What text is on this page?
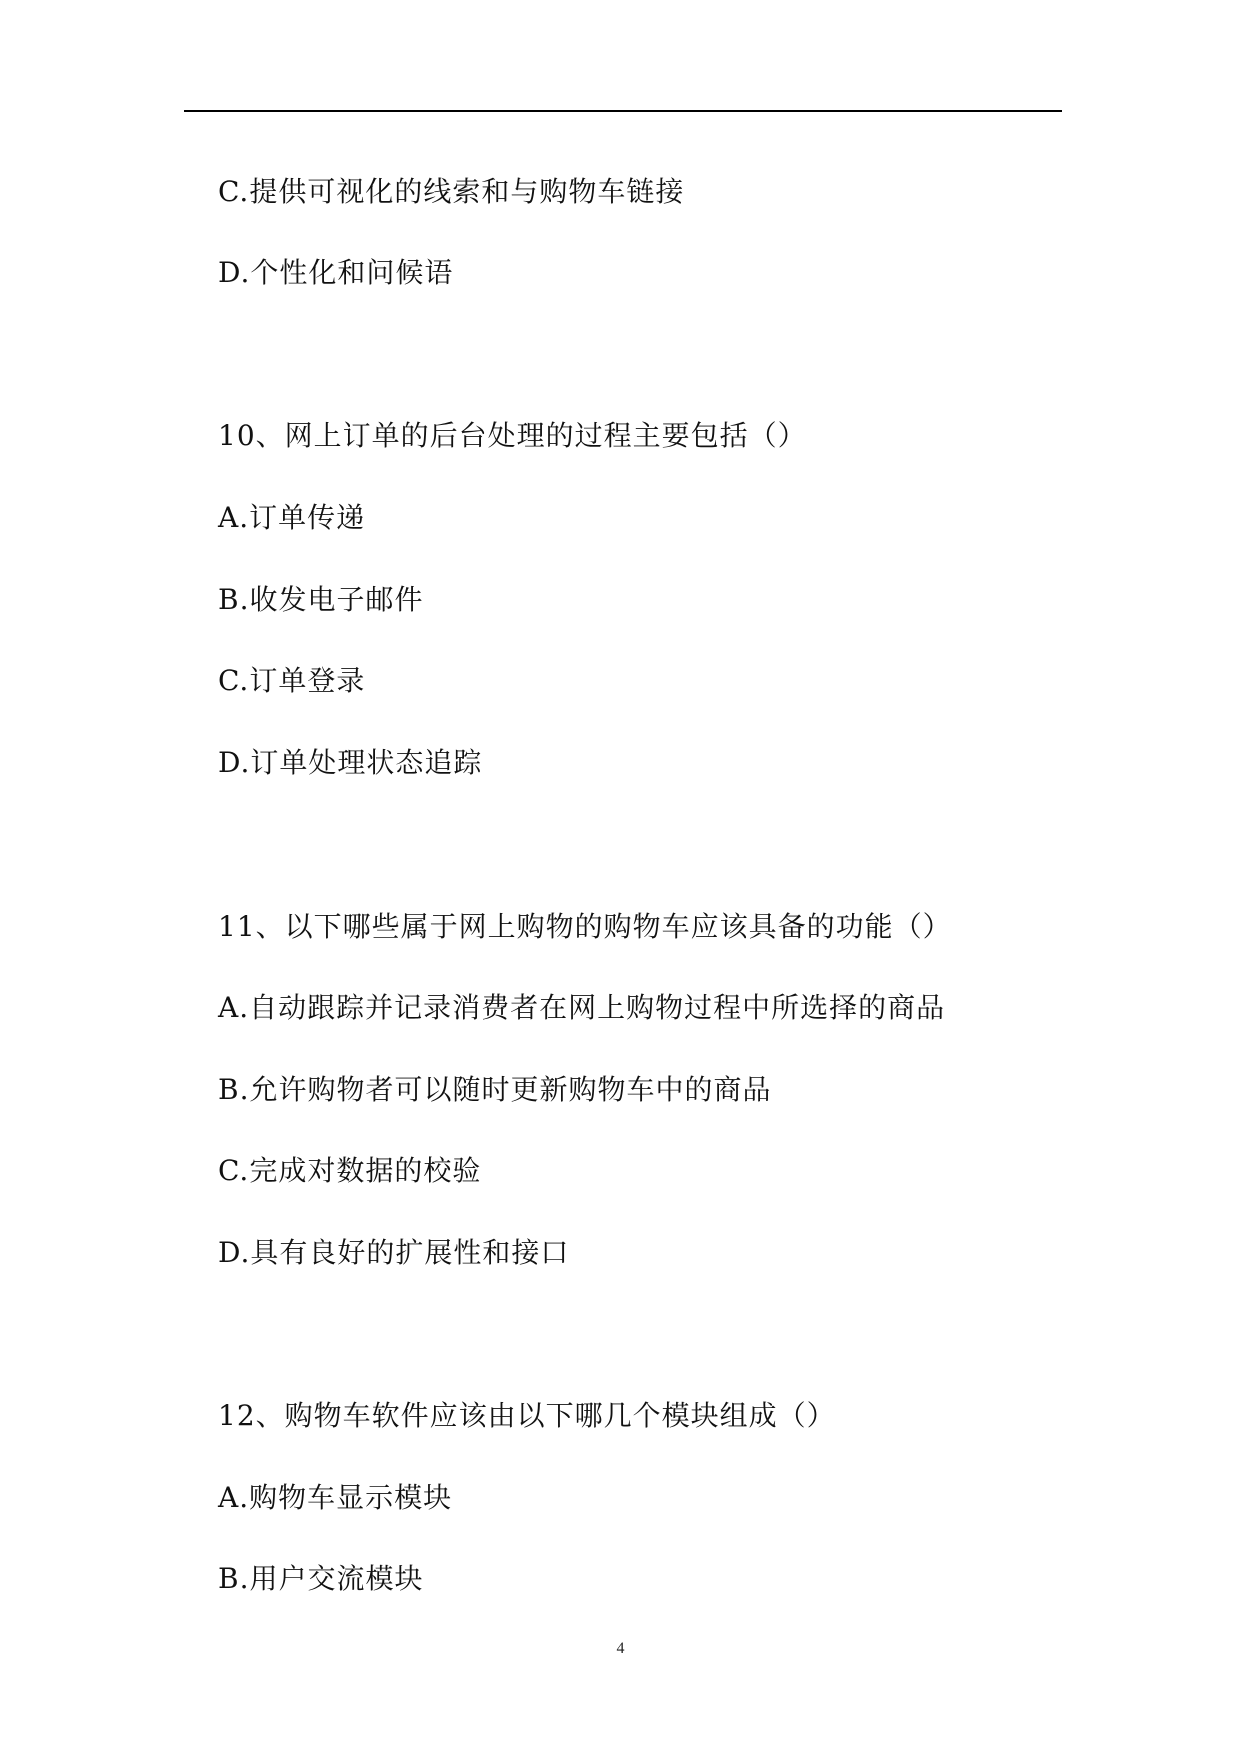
C.提供可视化的线索和与购物车链接
D.个性化和问候语
10、网上订单的后台处理的过程主要包括（）
A.订单传递
B.收发电子邮件
C.订单登录
D.订单处理状态追踪
11、以下哪些属于网上购物的购物车应该具备的功能（）
A.自动跟踪并记录消费者在网上购物过程中所选择的商品
B.允许购物者可以随时更新购物车中的商品
C.完成对数据的校验
D.具有良好的扩展性和接口
12、购物车软件应该由以下哪几个模块组成（）
A.购物车显示模块
B.用户交流模块
4
